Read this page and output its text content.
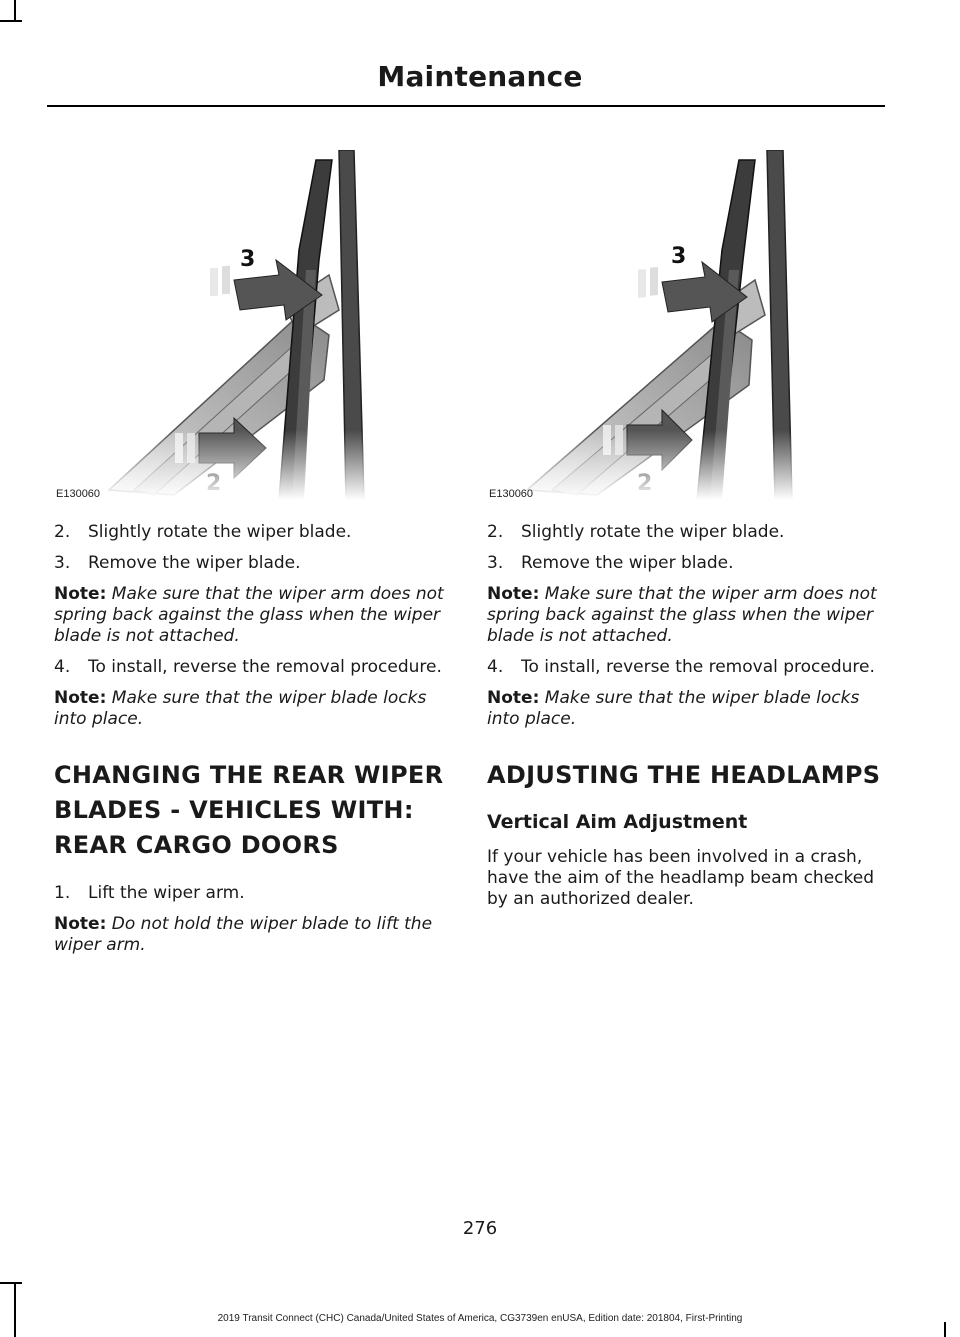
Maintenance
E130060
2. Slightly rotate the wiper blade.
3. Remove the wiper blade.
Note: Make sure that the wiper arm does not spring back against the glass when the wiper blade is not attached.
4. To install, reverse the removal procedure.
Note: Make sure that the wiper blade locks into place.
CHANGING THE REAR WIPER BLADES - VEHICLES WITH: REAR CARGO DOORS
1. Lift the wiper arm.
Note: Do not hold the wiper blade to lift the wiper arm.
E130060
2. Slightly rotate the wiper blade.
3. Remove the wiper blade.
Note: Make sure that the wiper arm does not spring back against the glass when the wiper blade is not attached.
4. To install, reverse the removal procedure.
Note: Make sure that the wiper blade locks into place.
ADJUSTING THE HEADLAMPS
Vertical Aim Adjustment
If your vehicle has been involved in a crash, have the aim of the headlamp beam checked by an authorized dealer.
276
2019 Transit Connect (CHC) Canada/United States of America, CG3739en enUSA, Edition date: 201804, First-Printing
